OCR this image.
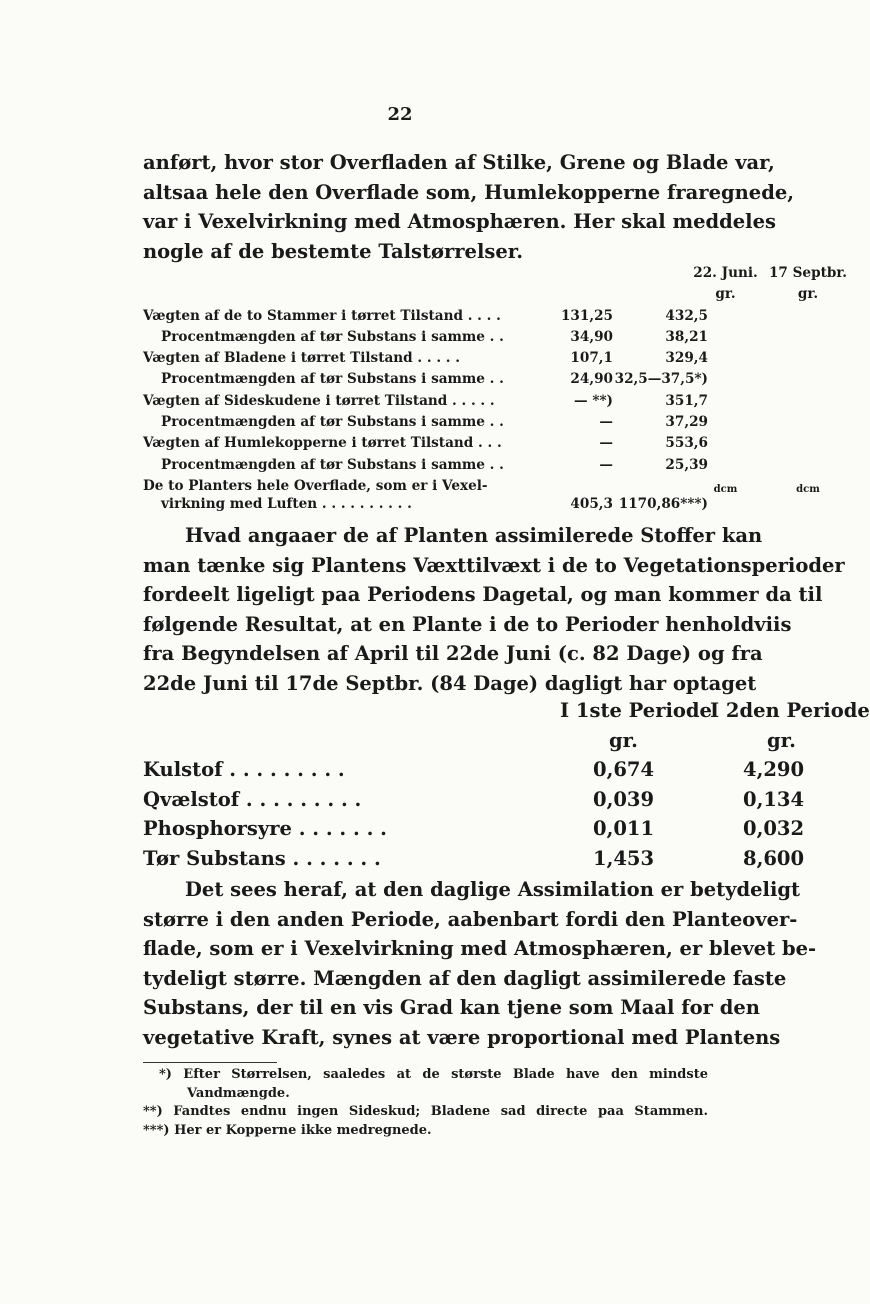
22
anført, hvor stor Overfladen af Stilke, Grene og Blade var,
altsaa hele den Overflade som, Humlekopperne fraregnede,
var i Vexelvirkning med Atmosphæren. Her skal meddeles
nogle af de bestemte Talstørrelser.
22. Juni. 17 Septbr.
gr.	gr.
Vægten af de to Stammer i tørret Tilstand . . . .	131,25	432,5
Procentmængden af tør Substans i samme . .	34,90	38,21
Vægten af Bladene i tørret Tilstand . . . . .	107,1	329,4
Procentmængden af tør Substans i samme . .	24,90 32,5—37,5*)
Vægten af Sideskudene i tørret Tilstand . . . . .	— **)	351,7
Procentmængden af tør Substans i samme . .	—	37,29
Vægten af Humlekopperne i tørret Tilstand . . .	—	553,6
Procentmængden af tør Substans i samme . .	—	25,39
De to Planters hele Overflade, som er i Vexel-	dcm	dcm
virkning med Luften . . . . . . . . . .	405,3 1170,86***)
Hvad angaaer de af Planten assimilerede Stoffer kan
man tænke sig Plantens Væxttilvæxt i de to Vegetationsperioder
fordeelt ligeligt paa Periodens Dagetal, og man kommer da til
følgende Resultat, at en Plante i de to Perioder henholdviis
fra Begyndelsen af April til 22de Juni (c. 82 Dage) og fra
22de Juni til 17de Septbr. (84 Dage) dagligt har optaget
I 1ste Periode
I 2den Periode
gr.	gr.
Kulstof . . . . . . . . .	0,674	4,290
Qvælstof . . . . . . . . .	0,039	0,134
Phosphorsyre . . . . . . .	0,011	0,032
Tør Substans . . . . . . .	1,453	8,600
Det sees heraf, at den daglige Assimilation er betydeligt
større i den anden Periode, aabenbart fordi den Planteover-
flade, som er i Vexelvirkning med Atmosphæren, er blevet be-
tydeligt større. Mængden af den dagligt assimilerede faste
Substans, der til en vis Grad kan tjene som Maal for den
vegetative Kraft, synes at være proportional med Plantens
*) Efter Størrelsen, saaledes at de største Blade have den mindste
Vandmængde.
**) Fandtes endnu ingen Sideskud; Bladene sad directe paa Stammen.
***) Her er Kopperne ikke medregnede.
